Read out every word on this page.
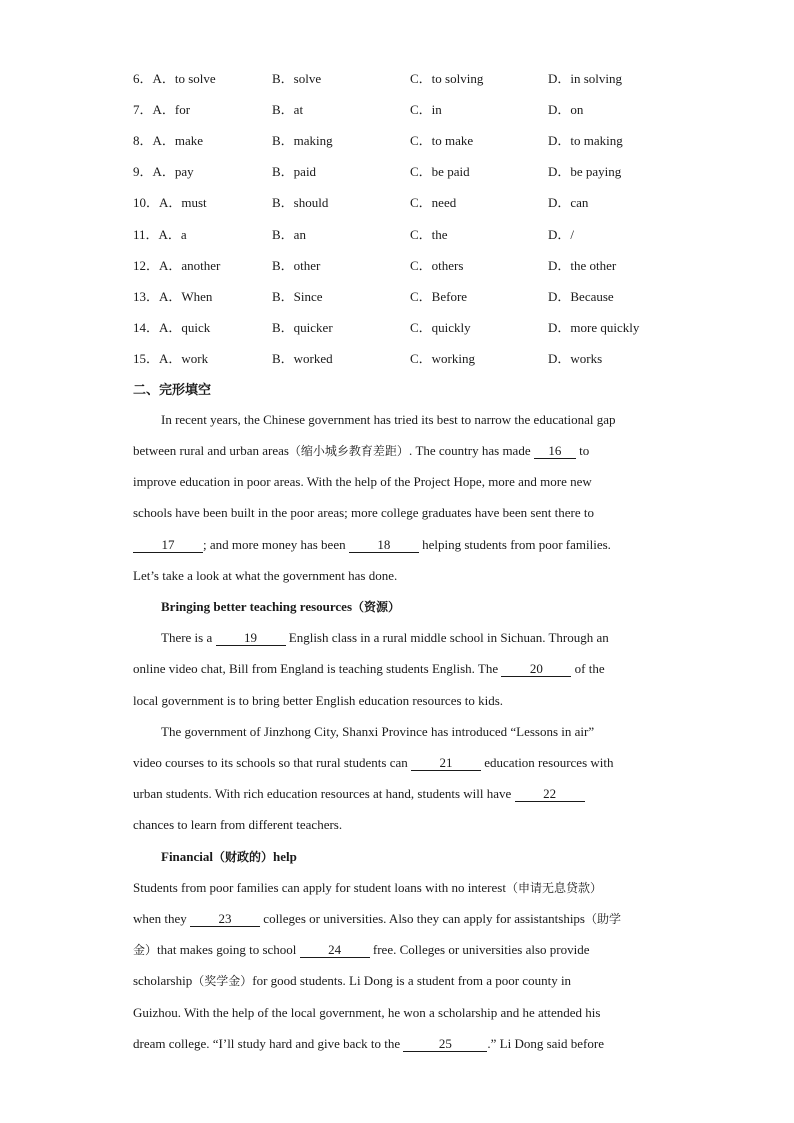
6．A．to solve	B．solve	C．to solving	D．in solving
7．A．for	B．at	C．in	D．on
8．A．make	B．making	C．to make	D．to making
9．A．pay	B．paid	C．be paid	D．be paying
10．A．must	B．should	C．need	D．can
11．A．a	B．an	C．the	D．/
12．A．another	B．other	C．others	D．the other
13．A．When	B．Since	C．Before	D．Because
14．A．quick	B．quicker	C．quickly	D．more quickly
15．A．work	B．worked	C．working	D．works
二、完形填空
In recent years, the Chinese government has tried its best to narrow the educational gap
between rural and urban areas（缩小城乡教育差距）. The country has made 16 to
improve education in poor areas. With the help of the Project Hope, more and more new
schools have been built in the poor areas; more college graduates have been sent there to
17 ; and more money has been 18 helping students from poor families.
Let’s take a look at what the government has done.
Bringing better teaching resources（资源）
There is a 19 English class in a rural middle school in Sichuan. Through an
online video chat, Bill from England is teaching students English. The 20 of the
local government is to bring better English education resources to kids.
The government of Jinzhong City, Shanxi Province has introduced “Lessons in air”
video courses to its schools so that rural students can 21 education resources with
urban students. With rich education resources at hand, students will have 22
chances to learn from different teachers.
Financial（财政的）help
Students from poor families can apply for student loans with no interest（申请无息贷款）
when they 23 colleges or universities. Also they can apply for assistantships（助学
金）that makes going to school 24 free. Colleges or universities also provide
scholarship（奖学金）for good students. Li Dong is a student from a poor county in
Guizhou. With the help of the local government, he won a scholarship and he attended his
dream college. “I’ll study hard and give back to the	25	.” Li Dong said before
